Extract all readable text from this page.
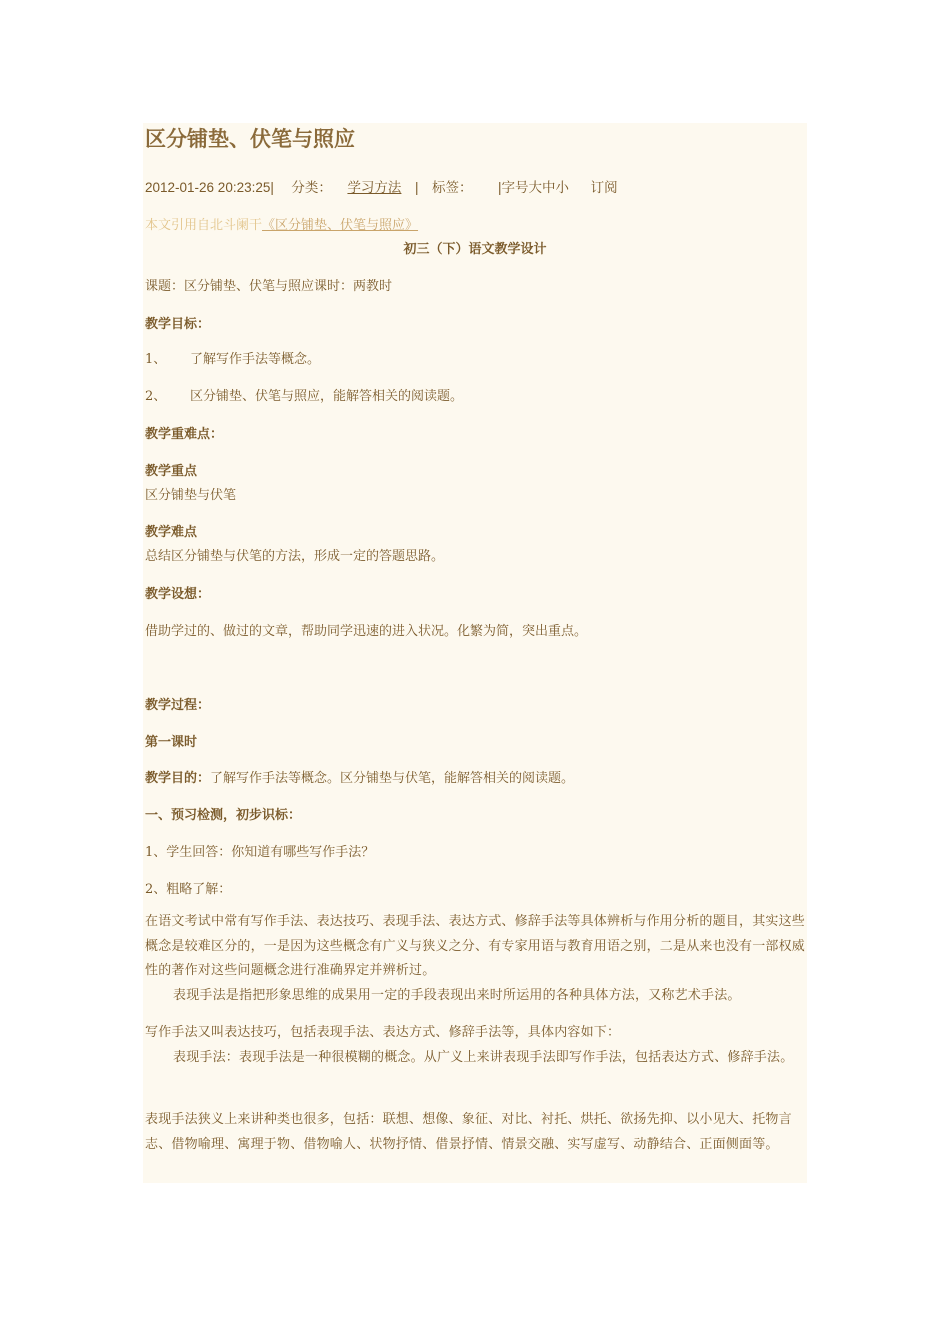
区分铺垫、伏笔与照应
2012-01-26 20:23:25| 分类： 学习方法 | 标签： |字号大中小 订阅
本文引用自北斗阑干《区分铺垫、伏笔与照应》
初三（下）语文教学设计
课题：区分铺垫、伏笔与照应课时：两教时
教学目标：
1、 了解写作手法等概念。
2、 区分铺垫、伏笔与照应，能解答相关的阅读题。
教学重难点：
教学重点
区分铺垫与伏笔
教学难点
总结区分铺垫与伏笔的方法，形成一定的答题思路。
教学设想：
借助学过的、做过的文章，帮助同学迅速的进入状况。化繁为简，突出重点。
教学过程：
第一课时
教学目的：了解写作手法等概念。区分铺垫与伏笔，能解答相关的阅读题。
一、预习检测，初步识标：
1、学生回答：你知道有哪些写作手法？
2、粗略了解：
在语文考试中常有写作手法、表达技巧、表现手法、表达方式、修辞手法等具体辨析与作用分析的题目，其实这些概念是较难区分的，一是因为这些概念有广义与狭义之分、有专家用语与教育用语之别，二是从来也没有一部权威性的著作对这些问题概念进行准确界定并辨析过。
表现手法是指把形象思维的成果用一定的手段表现出来时所运用的各种具体方法，又称艺术手法。
写作手法又叫表达技巧，包括表现手法、表达方式、修辞手法等，具体内容如下：
表现手法：表现手法是一种很模糊的概念。从广义上来讲表现手法即写作手法，包括表达方式、修辞手法。
表现手法狭义上来讲种类也很多，包括：联想、想像、象征、对比、衬托、烘托、欲扬先抑、以小见大、托物言志、借物喻理、寓理于物、借物喻人、状物抒情、借景抒情、情景交融、实写虚写、动静结合、正面侧面等。
